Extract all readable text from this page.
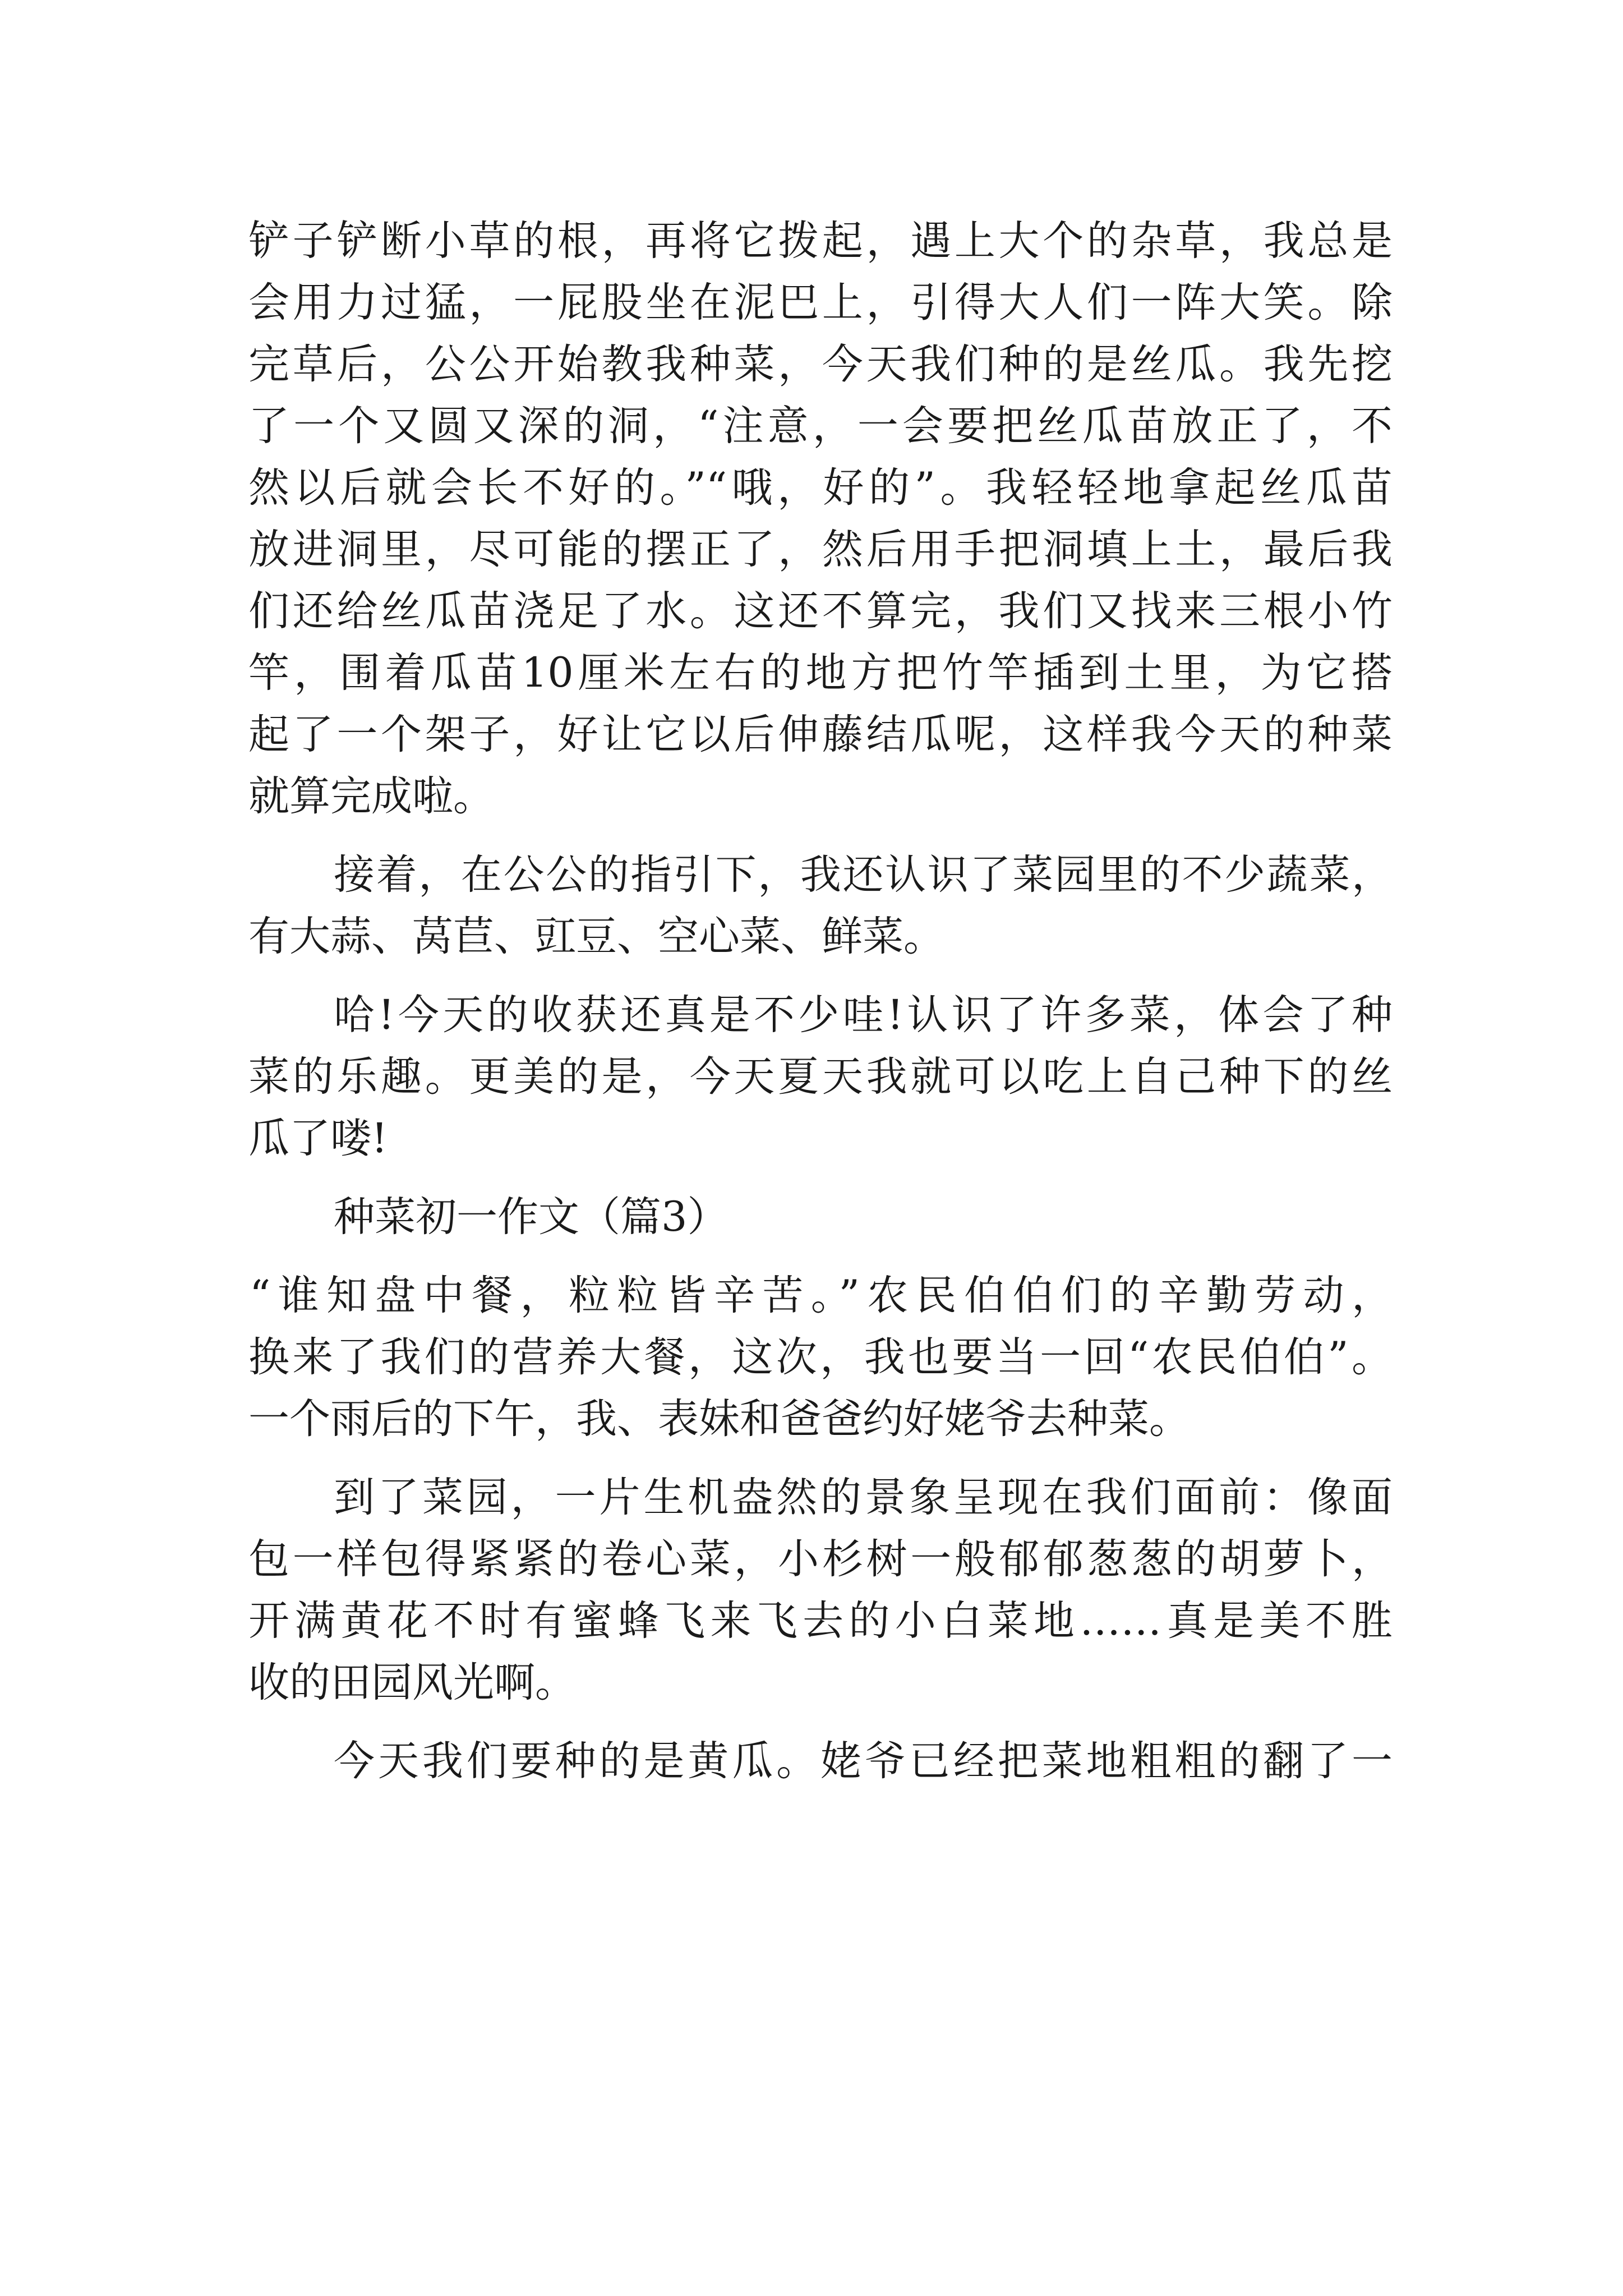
铲子铲断小草的根，再将它拨起，遇上大个的杂草，我总是

会用力过猛，一屁股坐在泥巴上，引得大人们一阵大笑。除

完草后，公公开始教我种菜，今天我们种的是丝瓜。我先挖

了一个又圆又深的洞，“注意，一会要把丝瓜苗放正了，不

然以后就会长不好的。”“哦，好的”。我轻轻地拿起丝瓜苗

放进洞里，尽可能的摆正了，然后用手把洞填上土，最后我

们还给丝瓜苗浇足了水。这还不算完，我们又找来三根小竹

竿，围着瓜苗10厘米左右的地方把竹竿插到土里，为它搭

起了一个架子，好让它以后伸藤结瓜呢，这样我今天的种菜

就算完成啦。

接着，在公公的指引下，我还认识了菜园里的不少蔬菜，

有大蒜、莴苣、豇豆、空心菜、鲜菜。

哈!今天的收获还真是不少哇!认识了许多菜，体会了种

菜的乐趣。更美的是，今天夏天我就可以吃上自己种下的丝

瓜了喽!

种菜初一作文（篇3）

“谁知盘中餐，粒粒皆辛苦。”农民伯伯们的辛勤劳动，

换来了我们的营养大餐，这次，我也要当一回“农民伯伯”。

一个雨后的下午，我、表妹和爸爸约好姥爷去种菜。

到了菜园，一片生机盎然的景象呈现在我们面前：像面

包一样包得紧紧的卷心菜，小杉树一般郁郁葱葱的胡萝卜，

开满黄花不时有蜜蜂飞来飞去的小白菜地……真是美不胜

收的田园风光啊。

今天我们要种的是黄瓜。姥爷已经把菜地粗粗的翻了一
